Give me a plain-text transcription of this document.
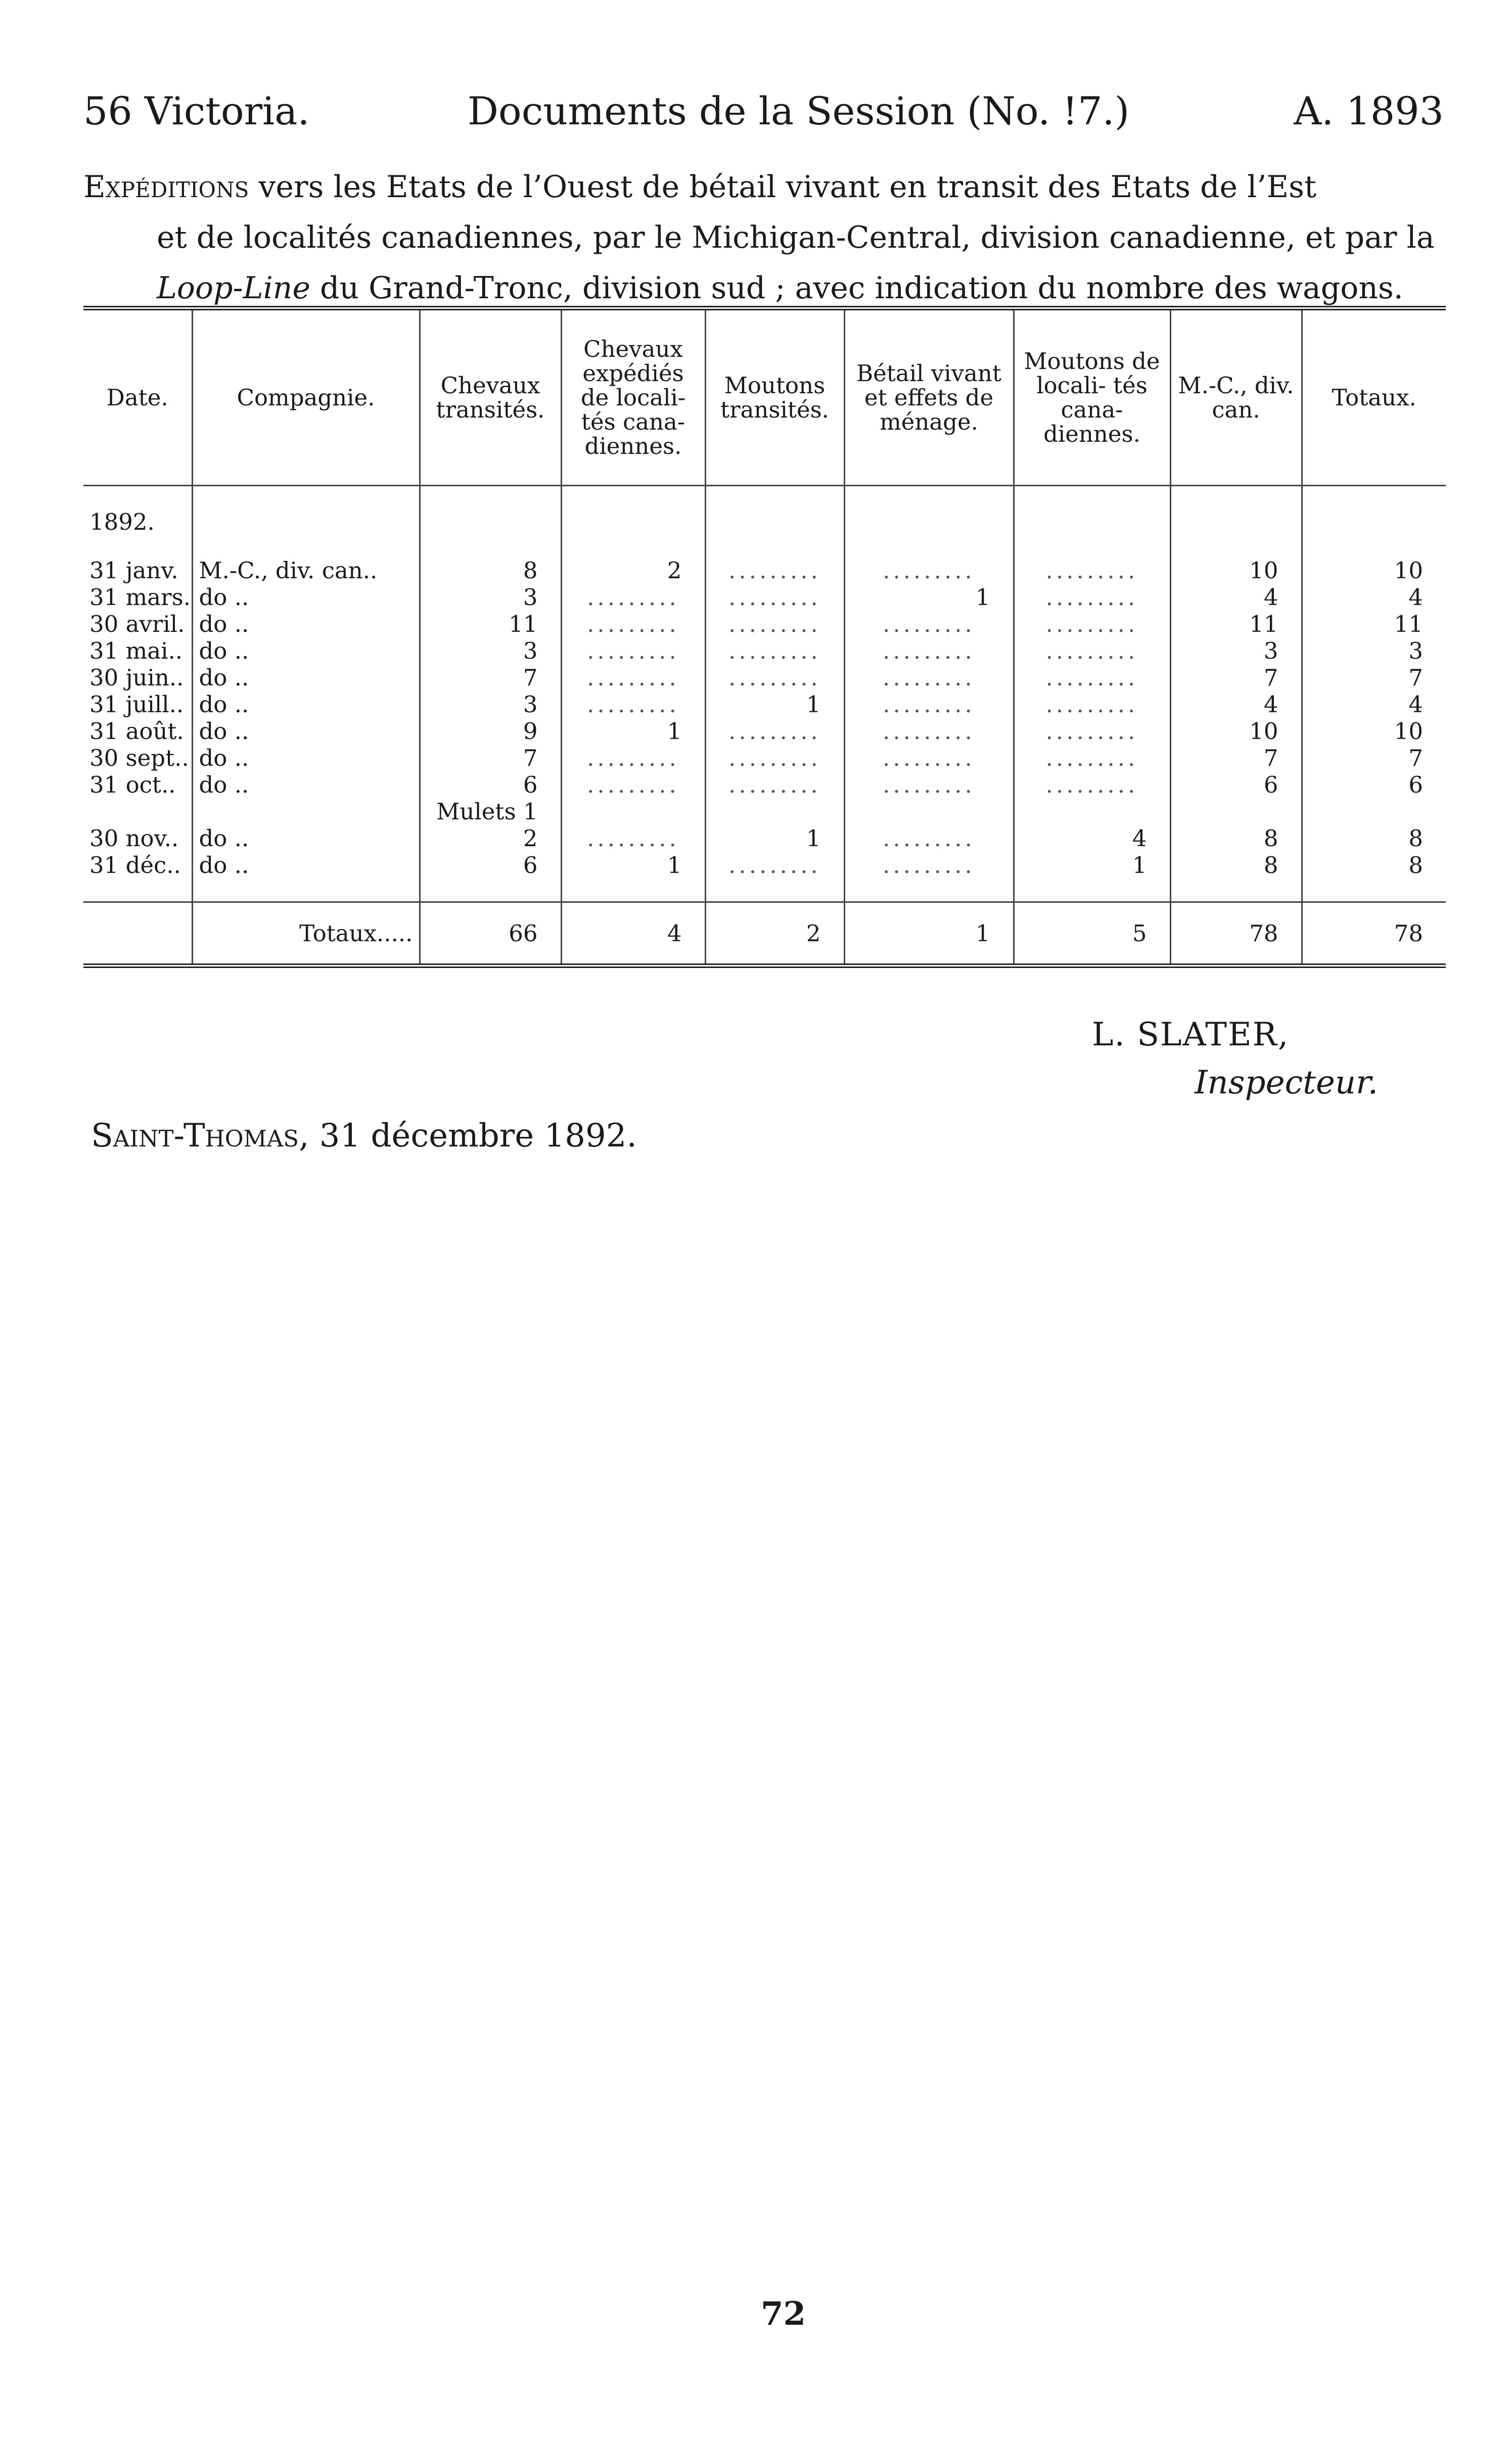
56 Victoria.	Documents de la Session (No. !7.)	A. 1893
Expéditions vers les Etats de l’Ouest de bétail vivant en transit des Etats de l’Est
et de localités canadiennes, par le Michigan-Central, division canadienne, et par la
Loop-Line du Grand-Tronc, division sud ; avec indication du nombre des wagons.
Date.	Compagnie.	Chevaux transités.	Chevaux expédiés de locali- tés cana- diennes.	Moutons transités.	Bétail vivant et effets de ménage.	Moutons de locali- tés cana- diennes.	M.-C., div. can.	Totaux.
1892.								
31 janv.	M.-C., div. can..	8	2	.........	.........	.........	10	10
31 mars.	do ..	3	.........	.........	1	.........	4	4
30 avril.	do ..	11	.........	.........	.........	.........	11	11
31 mai..	do ..	3	.........	.........	.........	.........	3	3
30 juin..	do ..	7	.........	.........	.........	.........	7	7
31 juill..	do ..	3	.........	1	.........	.........	4	4
31 août.	do ..	9	1	.........	.........	.........	10	10
30 sept..	do ..	7	.........	.........	.........	.........	7	7
31 oct..	do ..	6	.........	.........	.........	.........	6	6
		Mulets 1						
30 nov..	do ..	2	.........	1	.........	4	8	8
31 déc..	do ..	6	1	.........	.........	1	8	8

	Totaux.....	66	4	2	1	5	78	78
L. SLATER,
Inspecteur.
Saint-Thomas, 31 décembre 1892.
72
